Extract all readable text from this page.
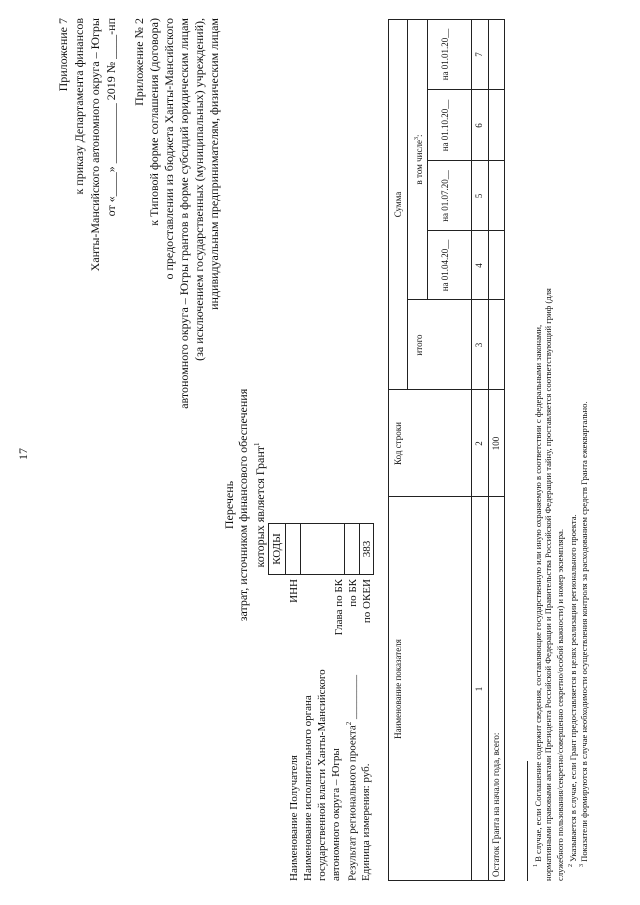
17
Приложение 7 к приказу Департамента финансов Ханты-Мансийского автономного округа – Югры от «____» __________ 2019 № ____-нп Приложение № 2 к Типовой форме соглашения (договора) о предоставлении из бюджета Ханты-Мансийского автономного округа – Югры грантов в форме субсидий юридическим лицам (за исключением государственных (муниципальных) учреждений), индивидуальным предпринимателям, физическим лицам
Перечень затрат, источником финансового обеспечения которых является Грант$^1$
КОДЫ	383
ИНН	Глава по БК по БК по ОКЕИ
Наименование Получателя Наименование исполнительного органа государственной власти Ханты-Мансийского автономного округа – Югры Результат регионального проекта$^2$ ________
Единица измерения: руб.
Наименование показателя
Код строки
Сумма
итого
в том числе$^3$:
на 01.04.20__
на 01.07.20__
на 01.10.20__
на 01.01.20__
1
2
3
4
5
6
7
Остаток Гранта на начало года, всего:
100
$^1$ В случае, если Соглашение содержит сведения, составляющие государственную или иную охраняемую в соответствии с федеральными законами, нормативными правовыми актами Президента Российской Федерации и Правительства Российской Федерации тайну, проставляется соответствующий гриф (для служебного пользования/секретно/совершенно секретно/особой важности) и номер экземпляра. $^2$ Указывается в случае, если Грант предоставляется в целях реализации регионального проекта.
$^3$ Показатели формируются в случае необходимости осуществления контроля за расходованием средств Гранта ежеквартально.
